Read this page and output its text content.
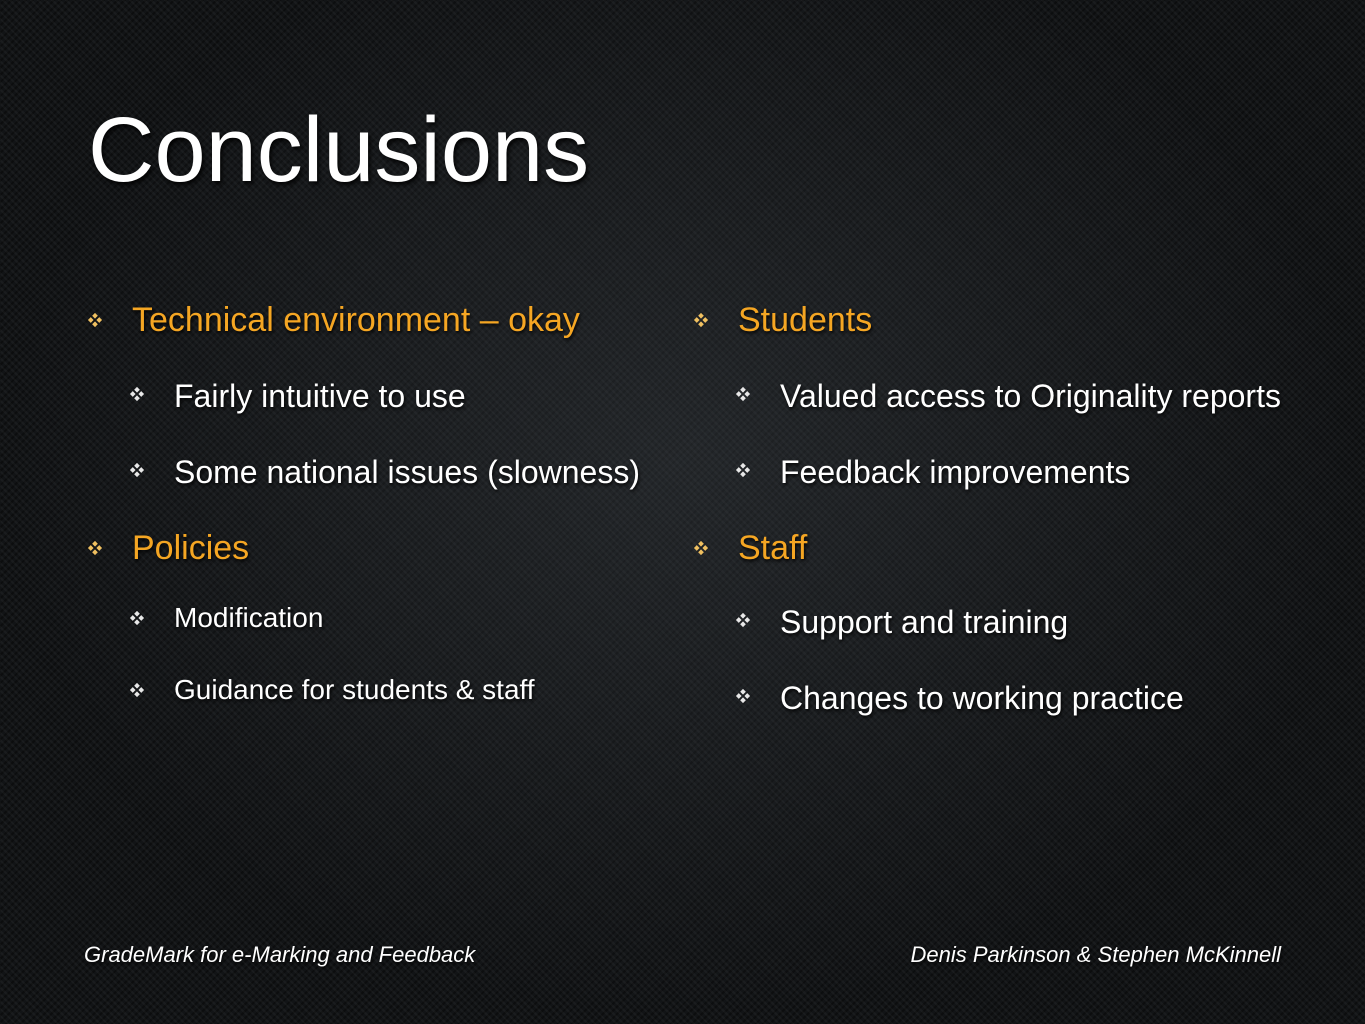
Conclusions
Technical environment – okay
Fairly intuitive to use
Some national issues (slowness)
Policies
Modification
Guidance for students & staff
Students
Valued access to Originality reports
Feedback improvements
Staff
Support and training
Changes to working practice
GradeMark for e-Marking and Feedback	Denis Parkinson & Stephen McKinnell
